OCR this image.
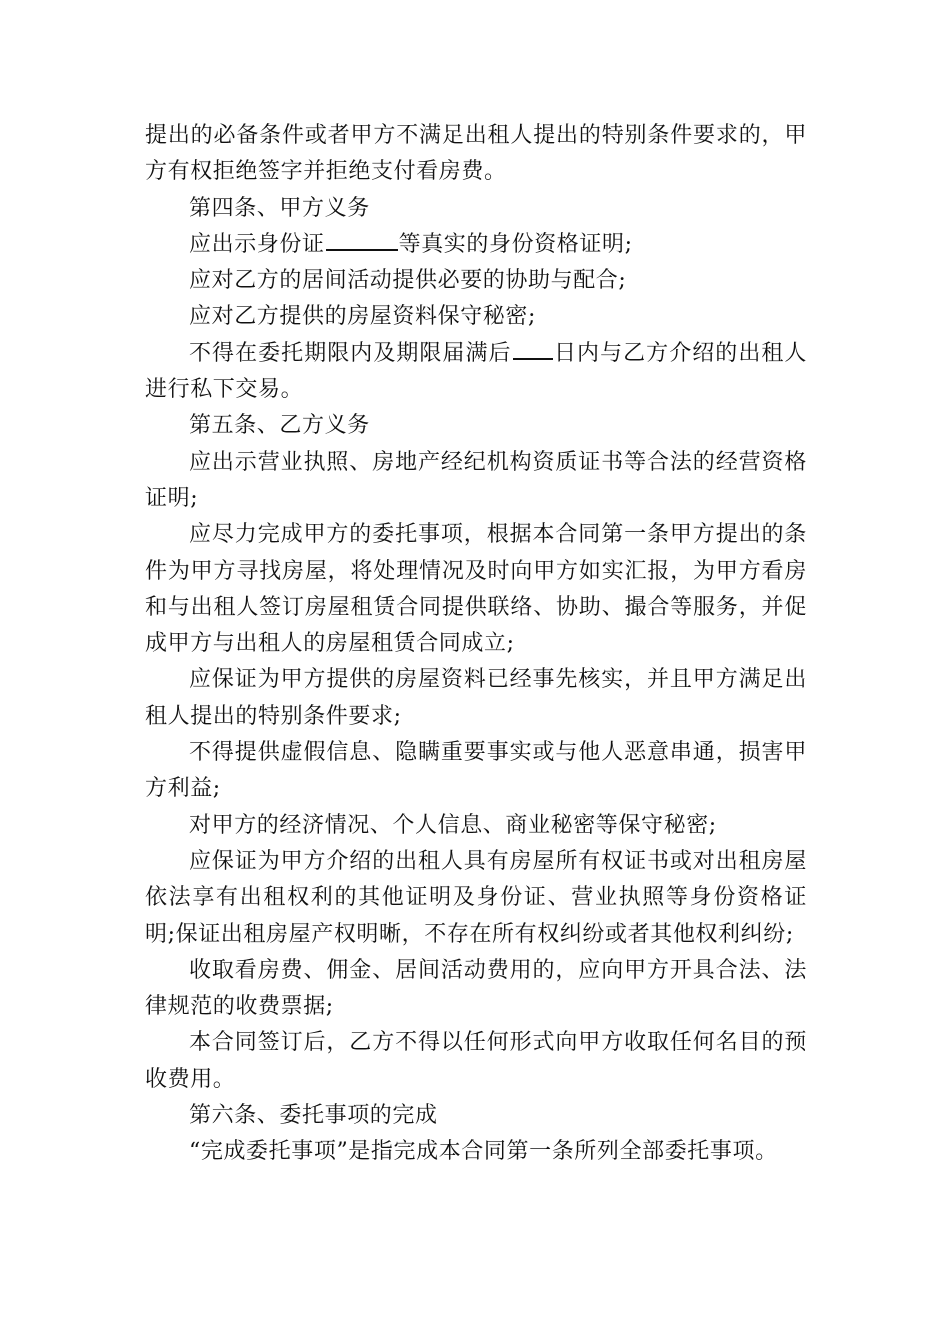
提出的必备条件或者甲方不满足出租人提出的特别条件要求的，甲方有权拒绝签字并拒绝支付看房费。

第四条、甲方义务

应出示身份证	等真实的身份资格证明;

应对乙方的居间活动提供必要的协助与配合;

应对乙方提供的房屋资料保守秘密;

不得在委托期限内及期限届满后 日内与乙方介绍的出租人进行私下交易。

第五条、乙方义务

应出示营业执照、房地产经纪机构资质证书等合法的经营资格证明;

应尽力完成甲方的委托事项，根据本合同第一条甲方提出的条件为甲方寻找房屋，将处理情况及时向甲方如实汇报，为甲方看房和与出租人签订房屋租赁合同提供联络、协助、撮合等服务，并促成甲方与出租人的房屋租赁合同成立;

应保证为甲方提供的房屋资料已经事先核实，并且甲方满足出租人提出的特别条件要求;

不得提供虚假信息、隐瞒重要事实或与他人恶意串通，损害甲方利益;

对甲方的经济情况、个人信息、商业秘密等保守秘密;

应保证为甲方介绍的出租人具有房屋所有权证书或对出租房屋依法享有出租权利的其他证明及身份证、营业执照等身份资格证明;保证出租房屋产权明晰，不存在所有权纠纷或者其他权利纠纷;

收取看房费、佣金、居间活动费用的，应向甲方开具合法、法律规范的收费票据;

本合同签订后，乙方不得以任何形式向甲方收取任何名目的预收费用。

第六条、委托事项的完成

“完成委托事项”是指完成本合同第一条所列全部委托事项。
